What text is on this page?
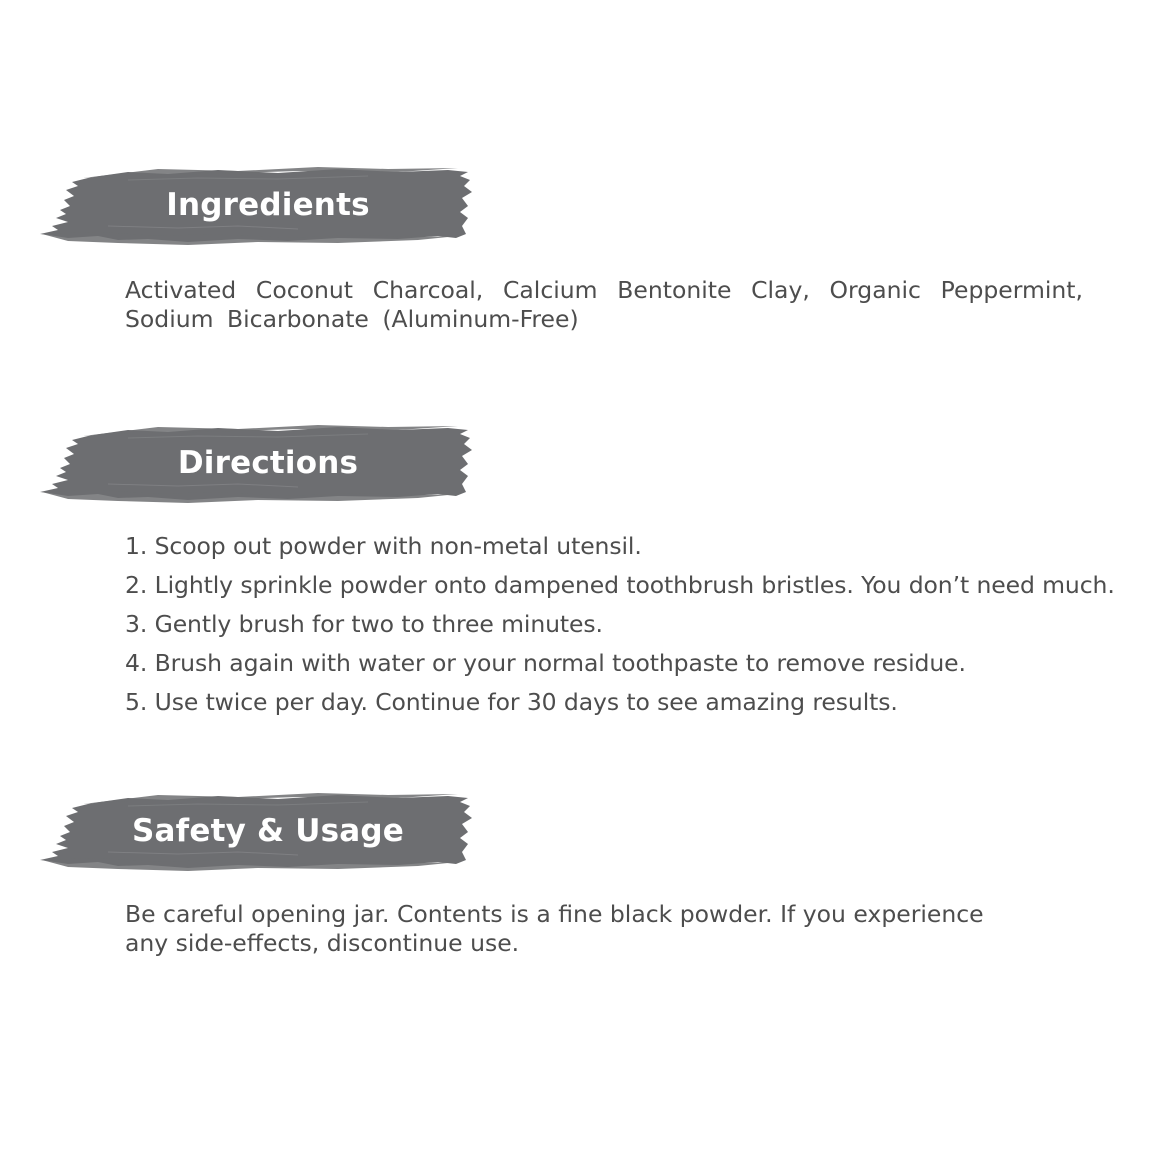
Ingredients
Activated Coconut Charcoal, Calcium Bentonite Clay, Organic Peppermint, Sodium Bicarbonate (Aluminum-Free)
Directions
1. Scoop out powder with non-metal utensil.
2. Lightly sprinkle powder onto dampened toothbrush bristles. You don’t need much.
3. Gently brush for two to three minutes.
4. Brush again with water or your normal toothpaste to remove residue.
5. Use twice per day. Continue for 30 days to see amazing results.
Safety & Usage
Be careful opening jar. Contents is a fine black powder. If you experience any side-effects, discontinue use.
